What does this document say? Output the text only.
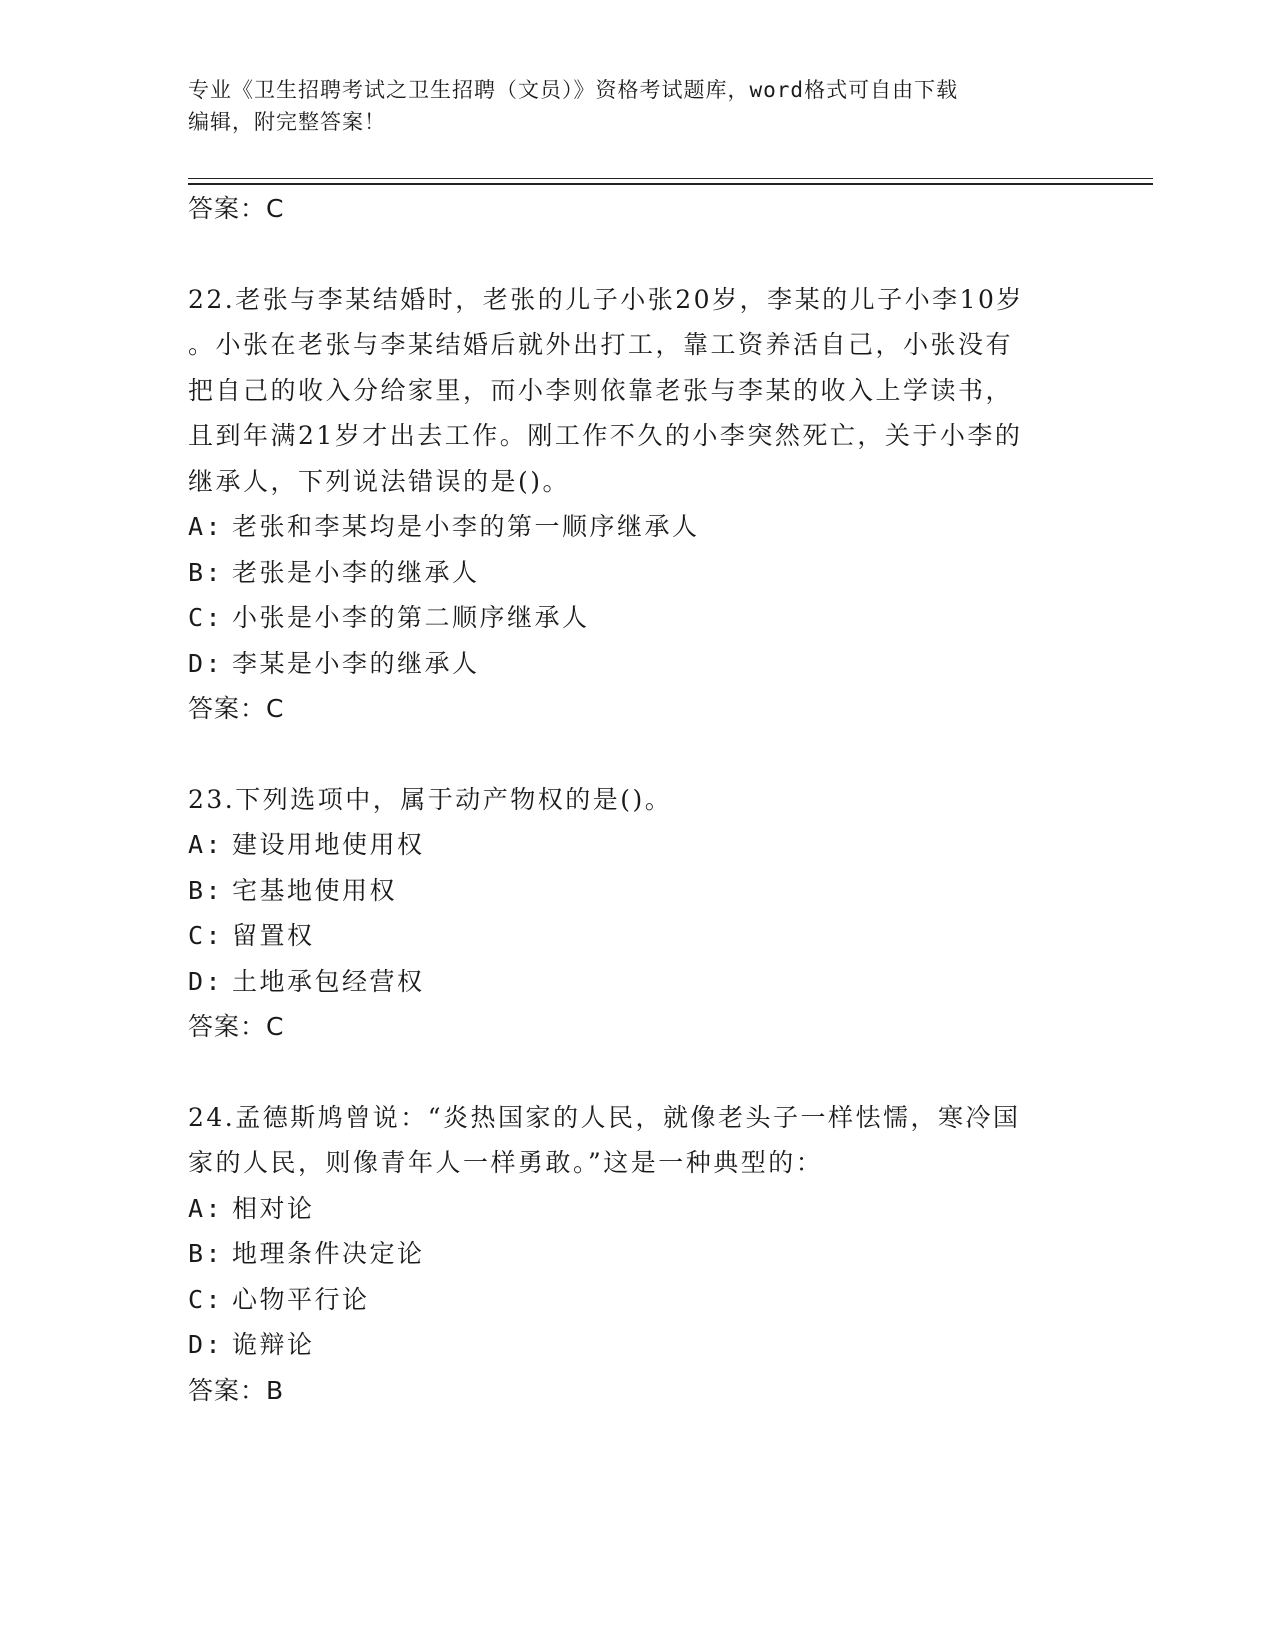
专业《卫生招聘考试之卫生招聘（文员）》资格考试题库，word格式可自由下载
编辑，附完整答案！
答案：C
22.老张与李某结婚时，老张的儿子小张20岁，李某的儿子小李10岁
。小张在老张与李某结婚后就外出打工，靠工资养活自己，小张没有
把自己的收入分给家里，而小李则依靠老张与李某的收入上学读书，
且到年满21岁才出去工作。刚工作不久的小李突然死亡，关于小李的
继承人，下列说法错误的是()。
A: 老张和李某均是小李的第一顺序继承人
B: 老张是小李的继承人
C: 小张是小李的第二顺序继承人
D: 李某是小李的继承人
答案：C
23.下列选项中，属于动产物权的是()。
A: 建设用地使用权
B: 宅基地使用权
C: 留置权
D: 土地承包经营权
答案：C
24.孟德斯鸠曾说：“炎热国家的人民，就像老头子一样怯懦，寒冷国
家的人民，则像青年人一样勇敢。”这是一种典型的：
A: 相对论
B: 地理条件决定论
C: 心物平行论
D: 诡辩论
答案：B
